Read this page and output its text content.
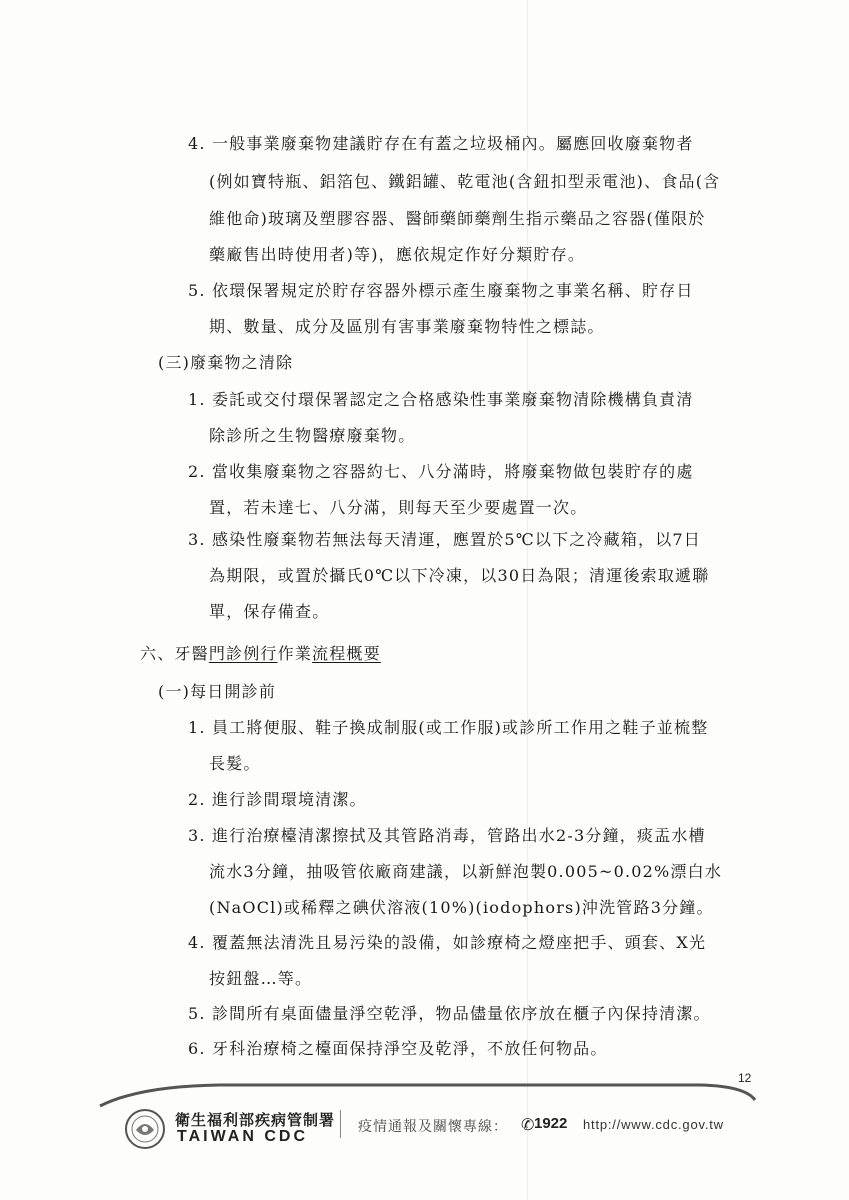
4. 一般事業廢棄物建議貯存在有蓋之垃圾桶內。屬應回收廢棄物者
(例如寶特瓶、鋁箔包、鐵鋁罐、乾電池(含鈕扣型汞電池)、食品(含
維他命)玻璃及塑膠容器、醫師藥師藥劑生指示藥品之容器(僅限於
藥廠售出時使用者)等)，應依規定作好分類貯存。
5. 依環保署規定於貯存容器外標示產生廢棄物之事業名稱、貯存日
期、數量、成分及區別有害事業廢棄物特性之標誌。
(三)廢棄物之清除
1. 委託或交付環保署認定之合格感染性事業廢棄物清除機構負責清
除診所之生物醫療廢棄物。
2. 當收集廢棄物之容器約七、八分滿時，將廢棄物做包裝貯存的處
置，若未達七、八分滿，則每天至少要處置一次。
3. 感染性廢棄物若無法每天清運，應置於5℃以下之冷藏箱，以7日
為期限，或置於攝氏0℃以下冷凍，以30日為限；清運後索取遞聯
單，保存備查。
六、牙醫門診例行作業流程概要
(一)每日開診前
1. 員工將便服、鞋子換成制服(或工作服)或診所工作用之鞋子並梳整
長髮。
2. 進行診間環境清潔。
3. 進行治療檯清潔擦拭及其管路消毒，管路出水2-3分鐘，痰盂水槽
流水3分鐘，抽吸管依廠商建議，以新鮮泡製0.005~0.02%漂白水
(NaOCl)或稀釋之碘伏溶液(10%)(iodophors)沖洗管路3分鐘。
4. 覆蓋無法清洗且易污染的設備，如診療椅之燈座把手、頭套、X光
按鈕盤…等。
5. 診間所有桌面儘量淨空乾淨，物品儘量依序放在櫃子內保持清潔。
6. 牙科治療椅之檯面保持淨空及乾淨，不放任何物品。
12
衛生福利部疾病管制署
TAIWAN CDC
疫情通報及關懷專線： ✆ 1922 http://www.cdc.gov.tw
